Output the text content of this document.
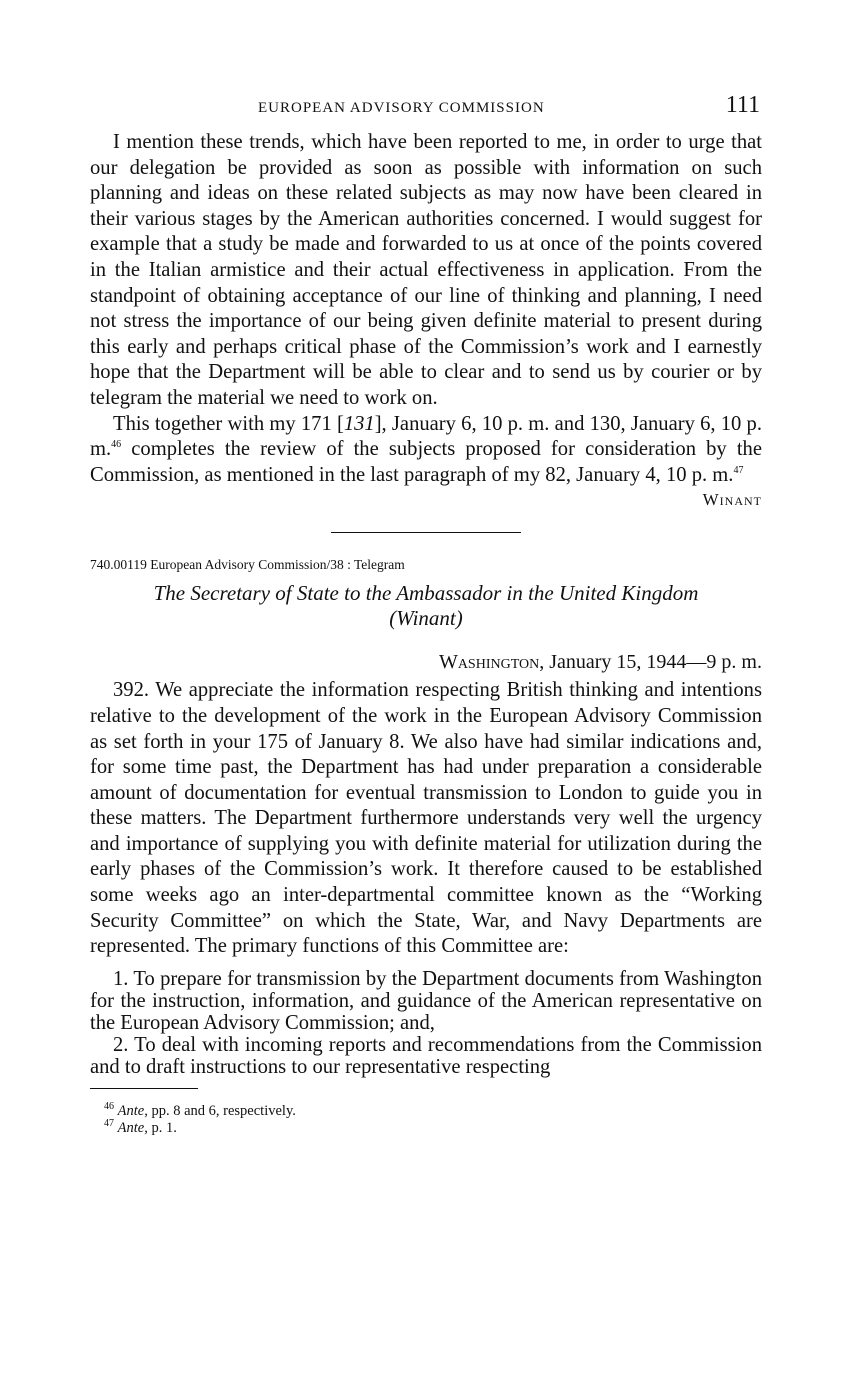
EUROPEAN ADVISORY COMMISSION	111

I mention these trends, which have been reported to me, in order to urge that our delegation be provided as soon as possible with information on such planning and ideas on these related subjects as may now have been cleared in their various stages by the American authorities concerned. I would suggest for example that a study be made and forwarded to us at once of the points covered in the Italian armistice and their actual effectiveness in application. From the standpoint of obtaining acceptance of our line of thinking and planning, I need not stress the importance of our being given definite material to present during this early and perhaps critical phase of the Commission’s work and I earnestly hope that the Department will be able to clear and to send us by courier or by telegram the material we need to work on.

This together with my 171 [131], January 6, 10 p. m. and 130, January 6, 10 p. m.$^{46}$ completes the review of the subjects proposed for consideration by the Commission, as mentioned in the last paragraph of my 82, January 4, 10 p. m.$^{47}$

Winant
740.00119 European Advisory Commission/38 : Telegram
The Secretary of State to the Ambassador in the United Kingdom
(Winant)
Washington, January 15, 1944—9 p. m.

392. We appreciate the information respecting British thinking and intentions relative to the development of the work in the European Advisory Commission as set forth in your 175 of January 8. We also have had similar indications and, for some time past, the Department has had under preparation a considerable amount of documentation for eventual transmission to London to guide you in these matters. The Department furthermore understands very well the urgency and importance of supplying you with definite material for utilization during the early phases of the Commission’s work. It therefore caused to be established some weeks ago an inter-departmental committee known as the “Working Security Committee” on which the State, War, and Navy Departments are represented. The primary functions of this Committee are:

1. To prepare for transmission by the Department documents from Washington for the instruction, information, and guidance of the American representative on the European Advisory Commission; and,

2. To deal with incoming reports and recommendations from the Commission and to draft instructions to our representative respecting

$^{46}$ Ante, pp. 8 and 6, respectively.
$^{47}$ Ante, p. 1.
